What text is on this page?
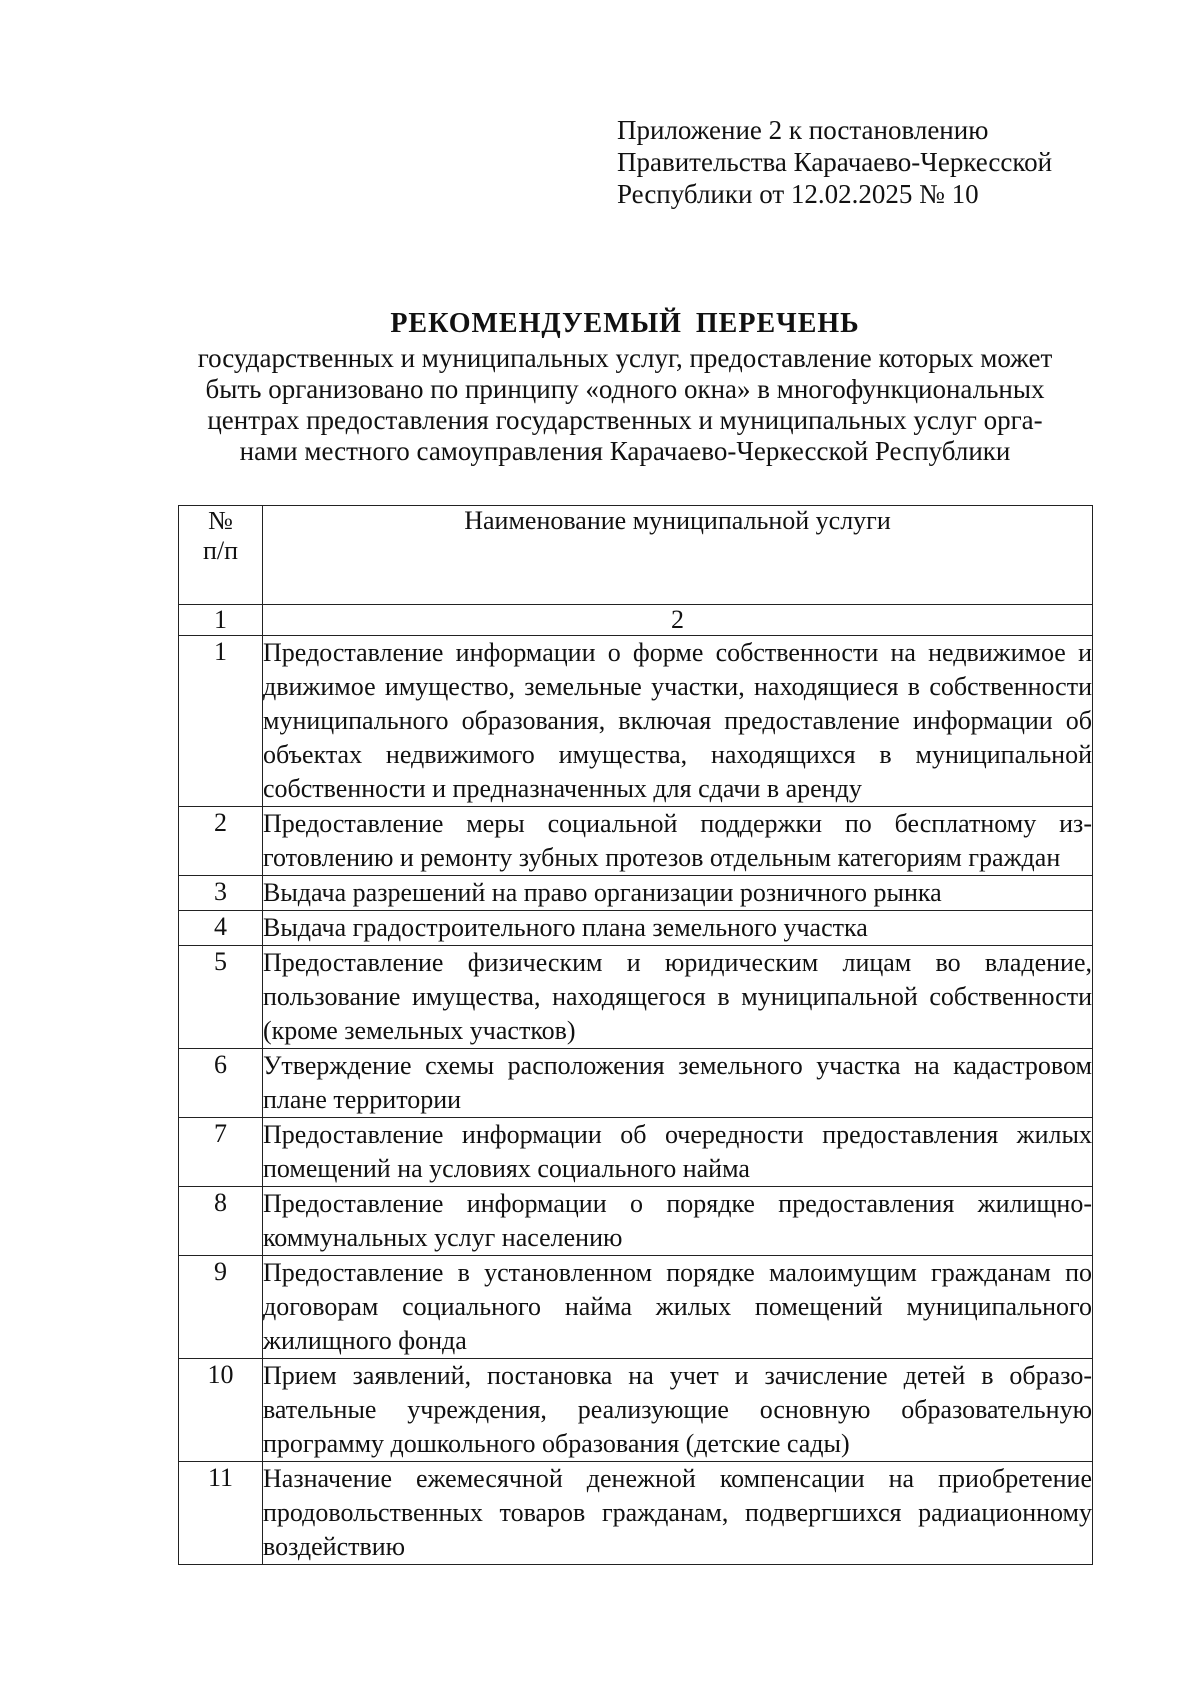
Приложение 2 к постановлению
Правительства Карачаево-Черкесской
Республики от 12.02.2025 № 10
РЕКОМЕНДУЕМЫЙ ПЕРЕЧЕНЬ
государственных и муниципальных услуг, предоставление которых может
быть организовано по принципу «одного окна» в многофункциональных
центрах предоставления государственных и муниципальных услуг орга-
нами местного самоуправления Карачаево-Черкесской Республики
№
п/п	Наименование муниципальной услуги
1	2
1	Предоставление информации о форме собственности на недвижимое и движимое имущество, земельные участки, находящиеся в собственности муниципального образования, включая предоставление информации об объектах недвижимого имущества, находящихся в муниципальной собственности и предназначенных для сдачи в аренду
2	Предоставление меры социальной поддержки по бесплатному изготовлению и ремонту зубных протезов отдельным категориям граждан
3	Выдача разрешений на право организации розничного рынка
4	Выдача градостроительного плана земельного участка
5	Предоставление физическим и юридическим лицам во владение, пользование имущества, находящегося в муниципальной собственности (кроме земельных участков)
6	Утверждение схемы расположения земельного участка на кадастровом плане территории
7	Предоставление информации об очередности предоставления жилых помещений на условиях социального найма
8	Предоставление информации о порядке предоставления жилищно-коммунальных услуг населению
9	Предоставление в установленном порядке малоимущим гражданам по договорам социального найма жилых помещений муниципального жилищного фонда
10	Прием заявлений, постановка на учет и зачисление детей в образовательные учреждения, реализующие основную образовательную программу дошкольного образования (детские сады)
11	Назначение ежемесячной денежной компенсации на приобретение продовольственных товаров гражданам, подвергшихся радиационному воздействию
